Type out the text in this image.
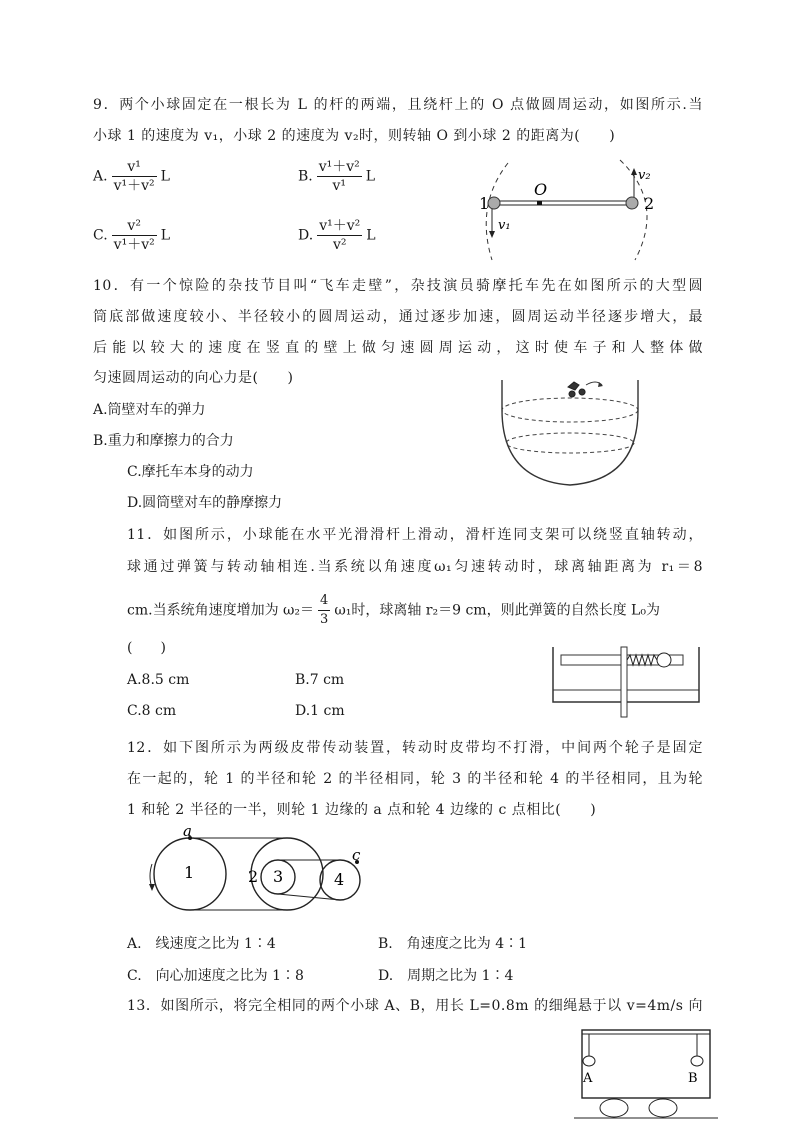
9．两个小球固定在一根长为 L 的杆的两端，且绕杆上的 O 点做圆周运动，如图所示.当
小球 1 的速度为 v₁，小球 2 的速度为 v₂时，则转轴 O 到小球 2 的距离为(　　)
A. $\frac{\text{v¹}}{\text{v¹＋v²}}$ L	B. $\frac{\text{v¹＋v²}}{\text{v¹}}$ L
C. $\frac{\text{v²}}{\text{v¹＋v²}}$ L	D. $\frac{\text{v¹＋v²}}{\text{v²}}$ L
1	2
O
v₁
v₂
10．有一个惊险的杂技节目叫“飞车走壁”，杂技演员骑摩托车先在如图所示的大型圆
筒底部做速度较小、半径较小的圆周运动，通过逐步加速，圆周运动半径逐步增大，最
后能以较大的速度在竖直的壁上做匀速圆周运动，这时使车子和人整体做
匀速圆周运动的向心力是(　　)
A.筒壁对车的弹力
B.重力和摩擦力的合力
C.摩托车本身的动力
D.圆筒壁对车的静摩擦力
11．如图所示，小球能在水平光滑滑杆上滑动，滑杆连同支架可以绕竖直轴转动，
球通过弹簧与转动轴相连.当系统以角速度ω₁匀速转动时，球离轴距离为 r₁＝8
cm.当系统角速度增加为 $\omega_2= \frac{4}{3} \omega_1$时，球离轴 r₂＝9 cm，则此弹簧的自然长度 L₀为
(　　)
A.8.5 cm	B.7 cm
C.8 cm	D.1 cm
12．如下图所示为两级皮带传动装置，转动时皮带均不打滑，中间两个轮子是固定
在一起的，轮 1 的半径和轮 2 的半径相同，轮 3 的半径和轮 4 的半径相同，且为轮
1 和轮 2 半径的一半，则轮 1 边缘的 a 点和轮 4 边缘的 c 点相比(　　)
a
c
1	2 3	4
A.　线速度之比为 1∶4	B.　角速度之比为 4∶1
C.　向心加速度之比为 1∶8	D.　周期之比为 1∶4
13．如图所示，将完全相同的两个小球 A、B，用长 L=0.8m 的细绳悬于以 v=4m/s 向
A	B
